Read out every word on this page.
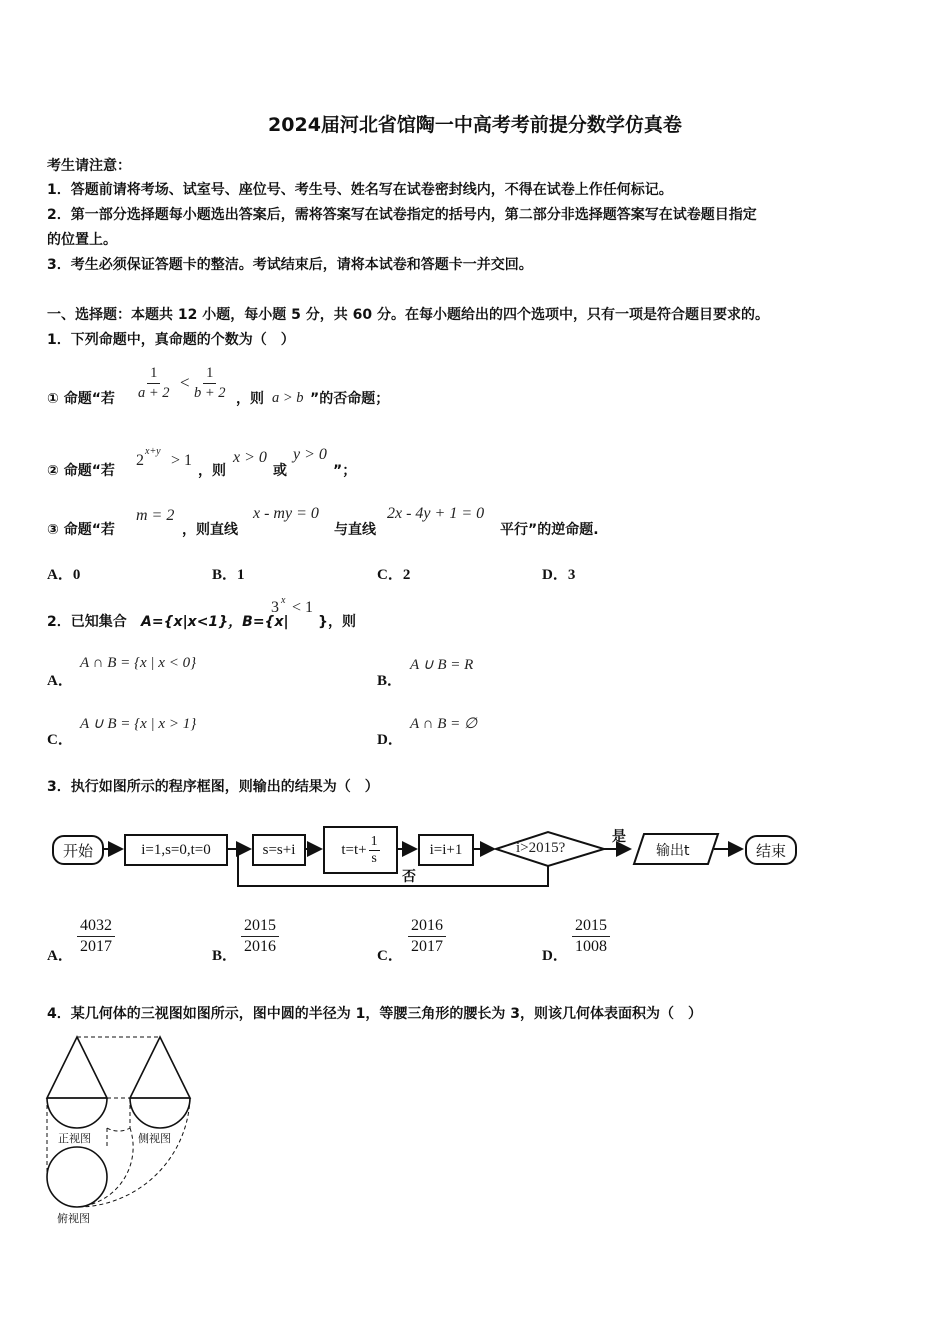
2024届河北省馆陶一中高考考前提分数学仿真卷
考生请注意：
1．答题前请将考场、试室号、座位号、考生号、姓名写在试卷密封线内，不得在试卷上作任何标记。
2．第一部分选择题每小题选出答案后，需将答案写在试卷指定的括号内，第二部分非选择题答案写在试卷题目指定
的位置上。
3．考生必须保证答题卡的整洁。考试结束后，请将本试卷和答题卡一并交回。
一、选择题：本题共 12 小题，每小题 5 分，共 60 分。在每小题给出的四个选项中，只有一项是符合题目要求的。
1．下列命题中，真命题的个数为（　）
① 命题“若 $\frac{1}{a + 2} < \frac{1}{b + 2}$ ，则 a > b ”的否命题；
② 命题“若
2
x+y
> 1
，则
x > 0
或
y > 0
”；
③ 命题“若
m = 2
，则直线
x - my = 0
与直线
2x - 4y + 1 = 0
平行”的逆命题.
A．0	B．1	C．2	D．3
2．已知集合 A={x|x<1}，B={x|
3 x < 1
}，则
A．
A ∩ B = {x | x < 0}
B．
A ∪ B = R
C．
A ∪ B = {x | x > 1}
D．
A ∩ B = ∅
3．执行如图所示的程序框图，则输出的结果为（　）
开始	i=1,s=0,t=0	s=s+i	$t=t+ \frac{1}{s}$	i=i+1	i>2015?
是
否
输出t	结束
A． $\frac{4032}{2017}$	B． $\frac{2015}{2016}$	C． $\frac{2016}{2017}$	D． $\frac{2015}{1008}$
4．某几何体的三视图如图所示，图中圆的半径为 1，等腰三角形的腰长为 3，则该几何体表面积为（　）
正视图	侧视图
俯视图
